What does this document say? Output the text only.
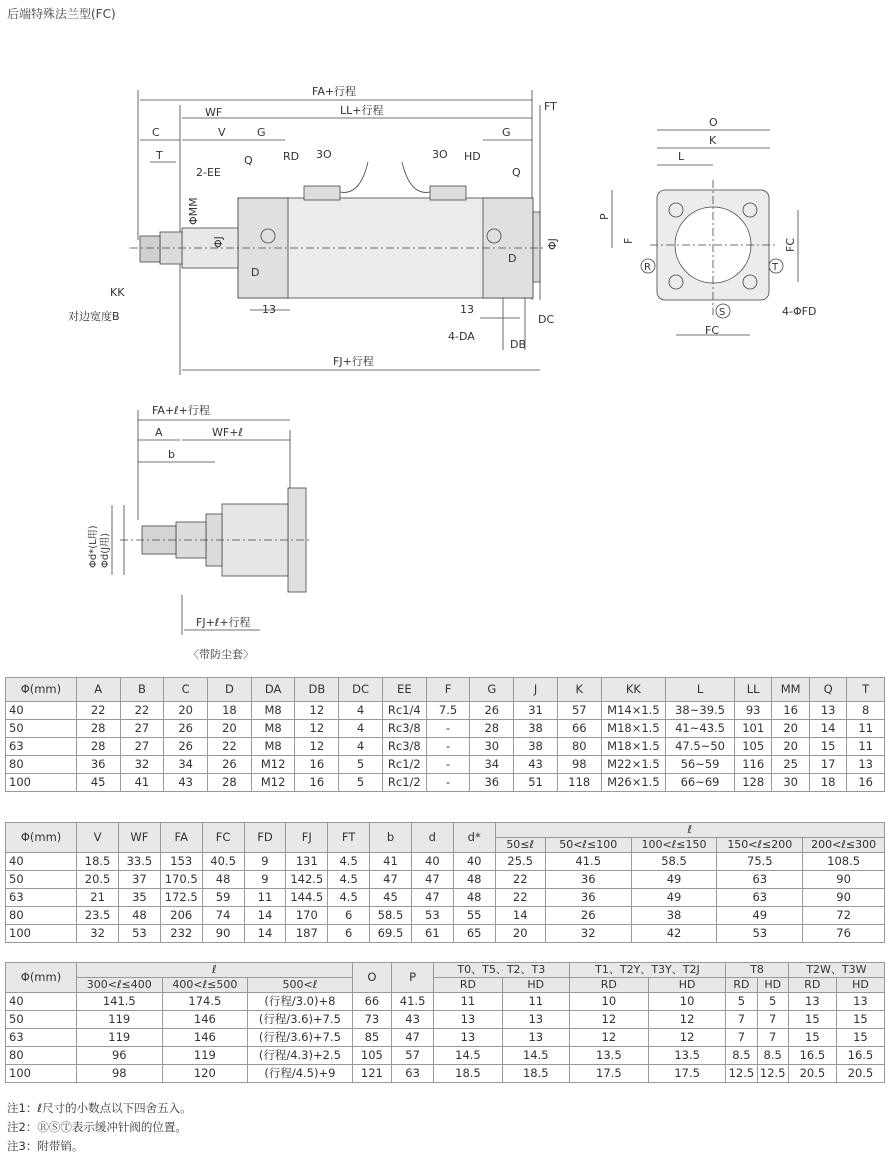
后端特殊法兰型(FC)
FA+行程
LL+行程	FT
WF
C	V	G	G
T
2-EE
Q
Q
RD 3O	3O HD
ΦMM
ΦJ	ΦJ
D
D
KK
对边宽度B
13	13
4-DA
DC
DB
FJ+行程
O
K
L
P
F	FC
FC
4-ΦFD
R	T
S
FA+ℓ+行程
A	WF+ℓ
b
Φd*(L用) Φd(J用)
FJ+ℓ+行程
〈带防尘套〉
Φ(mm)	A	B	C	D	DA	DB	DC	EE	F	G	J	K	KK	L	LL	MM	Q	T
40	22	22	20	18	M8	12	4	Rc1/4	7.5	26	31	57	M14×1.5	38~39.5	93	16	13	8
50	28	27	26	20	M8	12	4	Rc3/8	-	28	38	66	M18×1.5	41~43.5	101	20	14	11
63	28	27	26	22	M8	12	4	Rc3/8	-	30	38	80	M18×1.5	47.5~50	105	20	15	11
80	36	32	34	26	M12	16	5	Rc1/2	-	34	43	98	M22×1.5	56~59	116	25	17	13
100	45	41	43	28	M12	16	5	Rc1/2	-	36	51	118	M26×1.5	66~69	128	30	18	16
Φ(mm)	V	WF	FA	FC	FD	FJ	FT	b	d	d*	ℓ				
											50≤ℓ	50<ℓ≤100	100<ℓ≤150	150<ℓ≤200	200<ℓ≤300
40	18.5	33.5	153	40.5	9	131	4.5	41	40	40	25.5	41.5	58.5	75.5	108.5
50	20.5	37	170.5	48	9	142.5	4.5	47	47	48	22	36	49	63	90
63	21	35	172.5	59	11	144.5	4.5	45	47	48	22	36	49	63	90
80	23.5	48	206	74	14	170	6	58.5	53	55	14	26	38	49	72
100	32	53	232	90	14	187	6	69.5	61	65	20	32	42	53	76
Φ(mm)	ℓ			O	P	T0、T5、T2、T3		T1、T2Y、T3Y、T2J		T8		T2W、T3W	
	300<ℓ≤400	400<ℓ≤500	500<ℓ			RD	HD	RD	HD	RD	HD	RD	HD
40	141.5	174.5	(行程/3.0)+8	66	41.5	11	11	10	10	5	5	13	13
50	119	146	(行程/3.6)+7.5	73	43	13	13	12	12	7	7	15	15
63	119	146	(行程/3.6)+7.5	85	47	13	13	12	12	7	7	15	15
80	96	119	(行程/4.3)+2.5	105	57	14.5	14.5	13.5	13.5	8.5	8.5	16.5	16.5
100	98	120	(行程/4.5)+9	121	63	18.5	18.5	17.5	17.5	12.5	12.5	20.5	20.5
注1：ℓ尺寸的小数点以下四舍五入。
注2：ⓇⓈⓉ表示缓冲针阀的位置。
注3：附带销。
